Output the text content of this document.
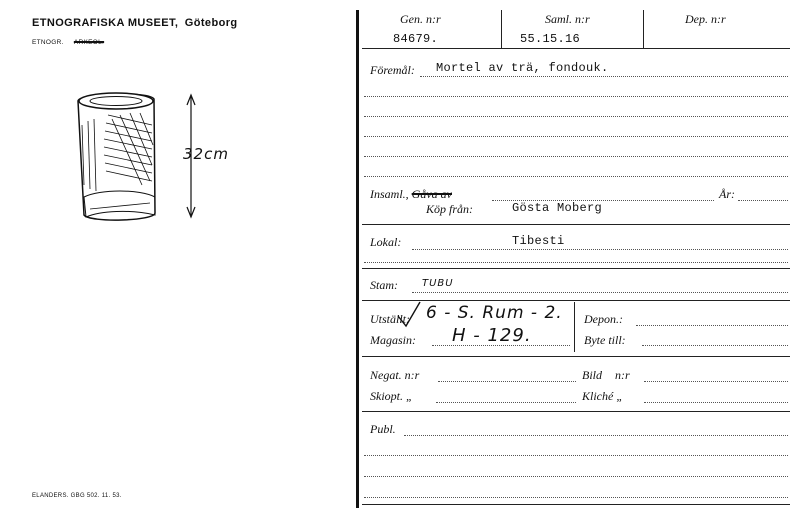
ETNOGRAFISKA MUSEET, Göteborg
ETNOGR. ARKEOL.
32cm
ELANDERS. GBG 502. 11. 53.
Gen. n:r
84679.
Saml. n:r
55.15.16
Dep. n:r
Föremål: Mortel av trä, fondouk.
Insaml., Gåva av	År:
Köp från:	Gösta Moberg
Lokal:	Tibesti
Stam: TUBU
Utställt: 6 - S. Rum - 2. Depon.:
Magasin: H - 129.	Byte till:
Negat. n:r	Bild n:r
Skiopt. „	Kliché „
Publ.
